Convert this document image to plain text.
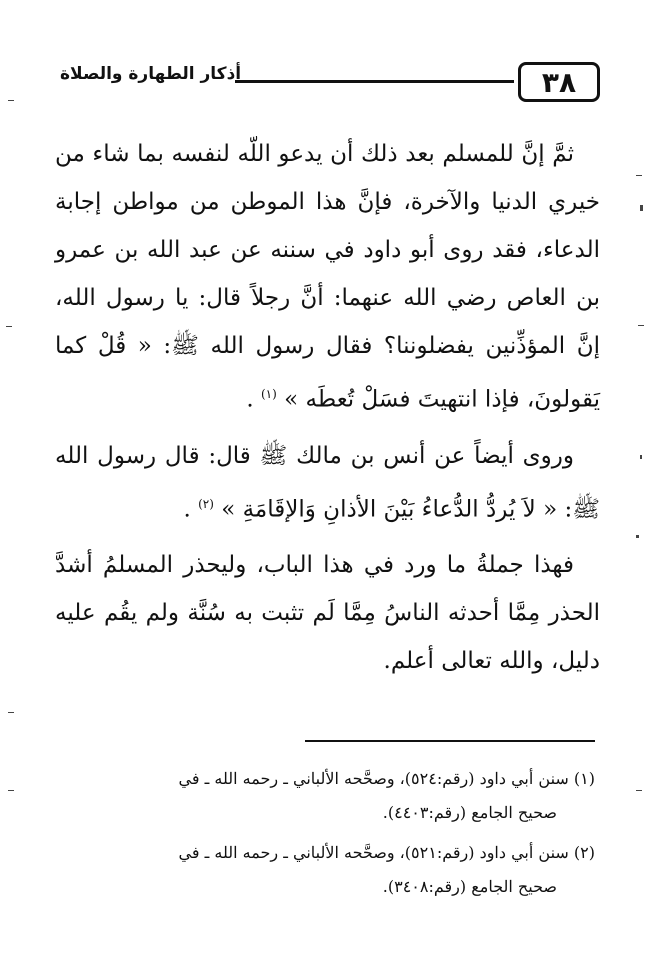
٣٨
أذكار الطهارة والصلاة

ثمَّ إنَّ للمسلم بعد ذلك أن يدعو اللّه لنفسه بما شاء من خيري الدنيا والآخرة، فإنَّ هذا الموطن من مواطن إجابة الدعاء، فقد روى أبو داود في سننه عن عبد الله بن عمرو بن العاص رضي الله عنهما: أنَّ رجلاً قال: يا رسول الله، إنَّ المؤذِّنين يفضلوننا؟ فقال رسول الله ﷺ: « قُلْ كما يَقولونَ، فإذا انتهيتَ فسَلْ تُعطَه » $^{(١)}$ .

وروى أيضاً عن أنس بن مالك ﷺ قال: قال رسول الله ﷺ: « لاَ يُردُّ الدُّعاءُ بَيْنَ الأذانِ وَالإقَامَةِ » $^{(٢)}$ .

فهذا جملةُ ما ورد في هذا الباب، وليحذر المسلمُ أشدَّ الحذر مِمَّا أحدثه الناسُ مِمَّا لَم تثبت به سُنَّة ولم يقُم عليه دليل، والله تعالى أعلم.

(١) سنن أبي داود (رقم:٥٢٤)، وصحَّحه الألباني ـ رحمه الله ـ في
صحيح الجامع (رقم:٤٤٠٣).

(٢) سنن أبي داود (رقم:٥٢١)، وصحَّحه الألباني ـ رحمه الله ـ في
صحيح الجامع (رقم:٣٤٠٨).
